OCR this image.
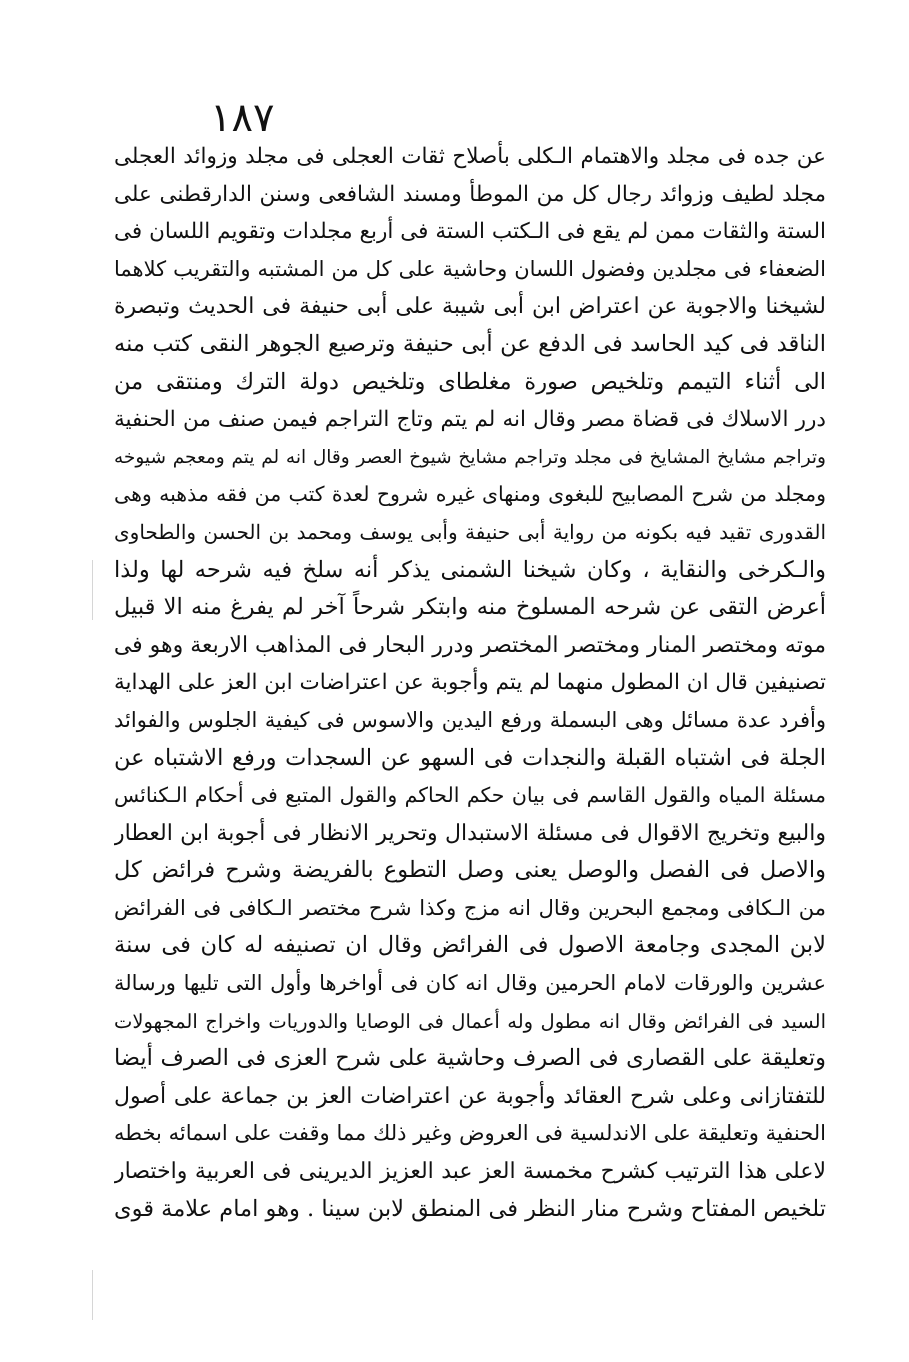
١٨٧
عن جده فى مجلد والاهتمام الـكلى بأصلاح ثقات العجلى فى مجلد وزوائد العجلى
مجلد لطيف وزوائد رجال كل من الموطأ ومسند الشافعى وسنن الدارقطنى على
الستة والثقات ممن لم يقع فى الـكتب الستة فى أربع مجلدات وتقويم اللسان فى
الضعفاء فى مجلدين وفضول اللسان وحاشية على كل من المشتبه والتقريب كلاهما
لشيخنا والاجوبة عن اعتراض ابن أبى شيبة على أبى حنيفة فى الحديث وتبصرة
الناقد فى كيد الحاسد فى الدفع عن أبى حنيفة وترصيع الجوهر النقى كتب منه
الى أثناء التيمم وتلخيص صورة مغلطاى وتلخيص دولة الترك ومنتقى من
درر الاسلاك فى قضاة مصر وقال انه لم يتم وتاج التراجم فيمن صنف من الحنفية
وتراجم مشايخ المشايخ فى مجلد وتراجم مشايخ شيوخ العصر وقال انه لم يتم ومعجم شيوخه
ومجلد من شرح المصابيح للبغوى ومنهاى غيره شروح لعدة كتب من فقه مذهبه وهى
القدورى تقيد فيه بكونه من رواية أبى حنيفة وأبى يوسف ومحمد بن الحسن والطحاوى
والـكرخى والنقاية ، وكان شيخنا الشمنى يذكر أنه سلخ فيه شرحه لها ولذا
أعرض التقى عن شرحه المسلوخ منه وابتكر شرحاً آخر لم يفرغ منه الا قبيل
موته ومختصر المنار ومختصر المختصر ودرر البحار فى المذاهب الاربعة وهو فى
تصنيفين قال ان المطول منهما لم يتم وأجوبة عن اعتراضات ابن العز على الهداية
وأفرد عدة مسائل وهى البسملة ورفع اليدين والاسوس فى كيفية الجلوس والفوائد
الجلة فى اشتباه القبلة والنجدات فى السهو عن السجدات ورفع الاشتباه عن
مسئلة المياه والقول القاسم فى بيان حكم الحاكم والقول المتبع فى أحكام الـكنائس
والبيع وتخريج الاقوال فى مسئلة الاستبدال وتحرير الانظار فى أجوبة ابن العطار
والاصل فى الفصل والوصل يعنى وصل التطوع بالفريضة وشرح فرائض كل
من الـكافى ومجمع البحرين وقال انه مزج وكذا شرح مختصر الـكافى فى الفرائض
لابن المجدى وجامعة الاصول فى الفرائض وقال ان تصنيفه له كان فى سنة
عشرين والورقات لامام الحرمين وقال انه كان فى أواخرها وأول التى تليها ورسالة
السيد فى الفرائض وقال انه مطول وله أعمال فى الوصايا والدوريات واخراج المجهولات
وتعليقة على القصارى فى الصرف وحاشية على شرح العزى فى الصرف أيضا
للتفتازانى وعلى شرح العقائد وأجوبة عن اعتراضات العز بن جماعة على أصول
الحنفية وتعليقة على الاندلسية فى العروض وغير ذلك مما وقفت على اسمائه بخطه
لاعلى هذا الترتيب كشرح مخمسة العز عبد العزيز الديرينى فى العربية واختصار
تلخيص المفتاح وشرح منار النظر فى المنطق لابن سينا . وهو امام علامة قوى
